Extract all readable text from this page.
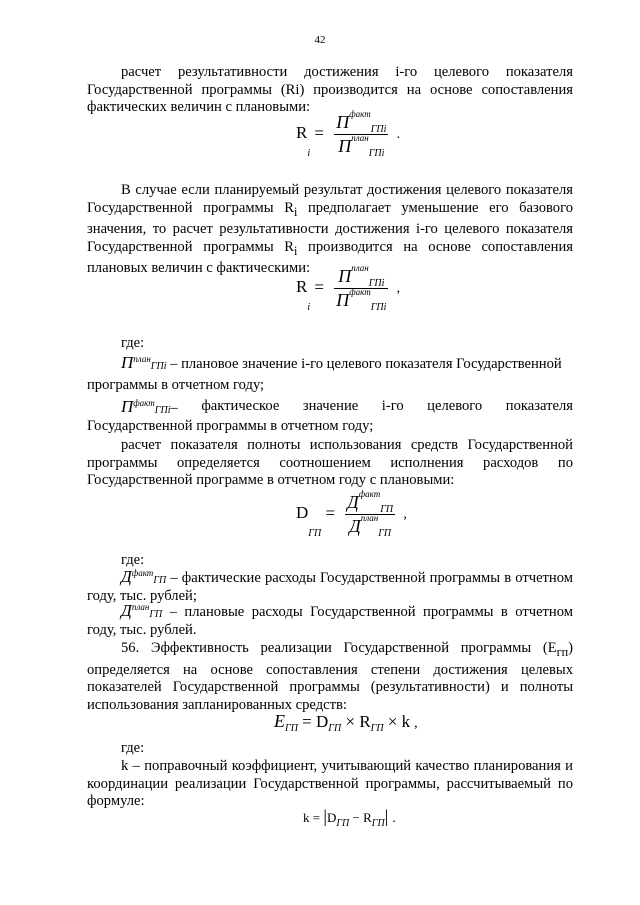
42
расчет результативности достижения i-го целевого показателя Государственной программы (Ri) производится на основе сопоставления фактических величин с плановыми:
$Ri = \frac{П^{факт}ГПi}{П^{план}ГПi}$ .
В случае если планируемый результат достижения целевого показателя Государственной программы $R_i$ предполагает уменьшение его базового значения, то расчет результативности достижения i-го целевого показателя Государственной программы $R_i$ производится на основе сопоставления плановых величин с фактическими:
$Ri = \frac{П^{план}ГПi}{П^{факт}ГПi}$ ,
где:
$П^{план}ГПi$ – плановое значение i-го целевого показателя Государственной
программы в отчетном году;
$П^{факт}ГПi-$ фактическое значение i-го целевого показателя
Государственной программы в отчетном году;
расчет показателя полноты использования средств Государственной программы определяется соотношением исполнения расходов по Государственной программе в отчетном году с плановыми:
DГП = $\frac{Д^{факт}ГП}{Д^{план}ГП}$ ,
где:
$Д^{факт}ГП$ – фактические расходы Государственной программы в отчетном году, тыс. рублей;
$Д^{план}ГП$ – плановые расходы Государственной программы в отчетном году, тыс. рублей.
56. Эффективность реализации Государственной программы $(E_{гп})$ определяется на основе сопоставления степени достижения целевых показателей Государственной программы (результативности) и полноты использования запланированных средств:
EГП = DГП × RГП × k ,
где:
k – поправочный коэффициент, учитывающий качество планирования и координации реализации Государственной программы, рассчитываемый по формуле:
k = |DГП − RГП| .
